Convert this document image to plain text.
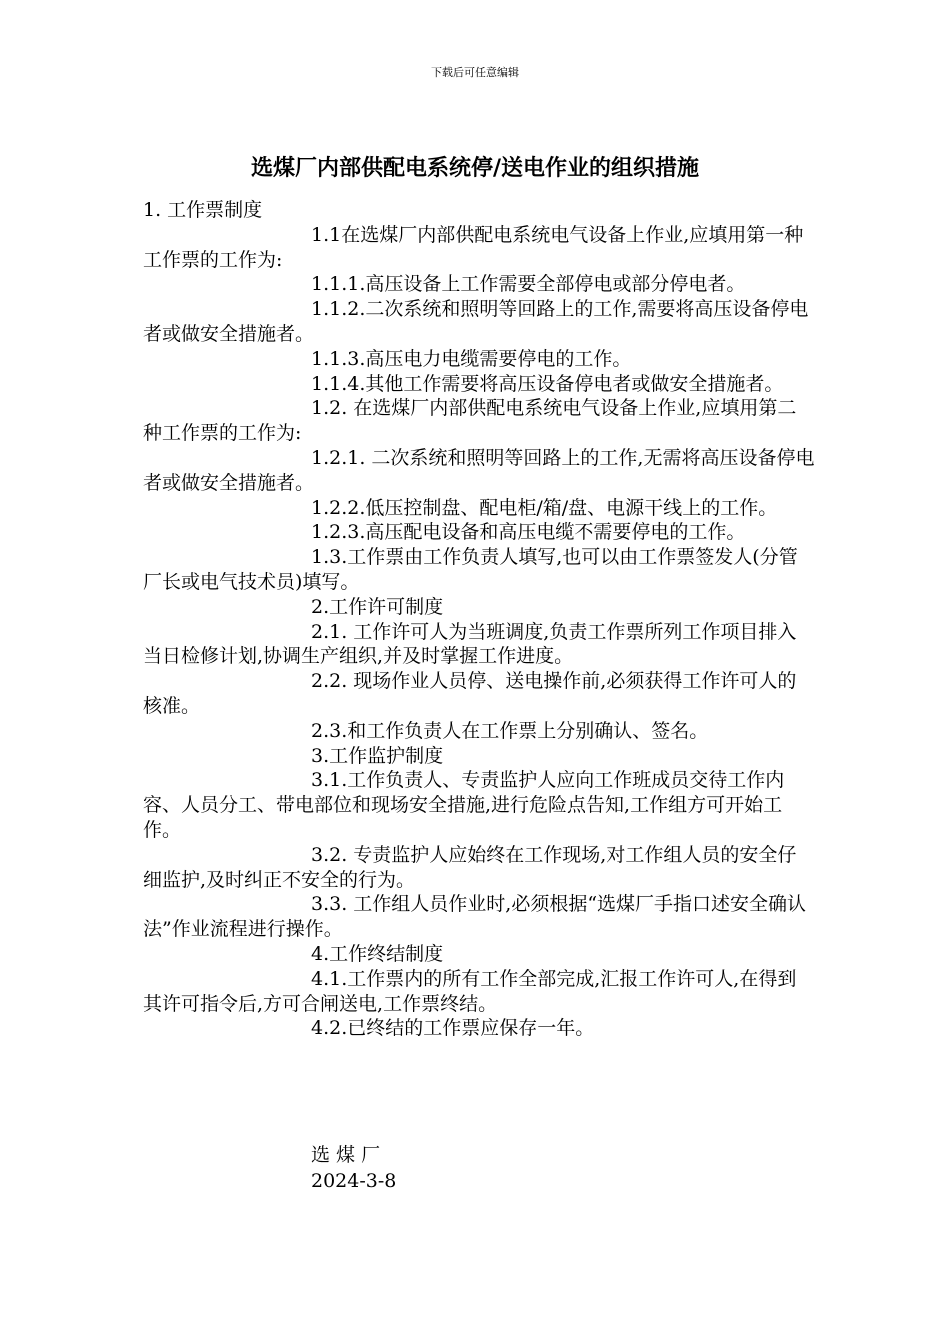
下载后可任意编辑
选煤厂内部供配电系统停/送电作业的组织措施

1. 工作票制度

1.1在选煤厂内部供配电系统电气设备上作业,应填用第一种工作票的工作为:

1.1.1.高压设备上工作需要全部停电或部分停电者。

1.1.2.二次系统和照明等回路上的工作,需要将高压设备停电者或做安全措施者。

1.1.3.高压电力电缆需要停电的工作。

1.1.4.其他工作需要将高压设备停电者或做安全措施者。

1.2. 在选煤厂内部供配电系统电气设备上作业,应填用第二种工作票的工作为:

1.2.1. 二次系统和照明等回路上的工作,无需将高压设备停电者或做安全措施者。

1.2.2.低压控制盘、配电柜/箱/盘、电源干线上的工作。

1.2.3.高压配电设备和高压电缆不需要停电的工作。

1.3.工作票由工作负责人填写,也可以由工作票签发人(分管厂长或电气技术员)填写。

2.工作许可制度

2.1. 工作许可人为当班调度,负责工作票所列工作项目排入当日检修计划,协调生产组织,并及时掌握工作进度。

2.2. 现场作业人员停、送电操作前,必须获得工作许可人的核准。

2.3.和工作负责人在工作票上分别确认、签名。

3.工作监护制度

3.1.工作负责人、专责监护人应向工作班成员交待工作内容、人员分工、带电部位和现场安全措施,进行危险点告知,工作组方可开始工作。

3.2. 专责监护人应始终在工作现场,对工作组人员的安全仔细监护,及时纠正不安全的行为。

3.3. 工作组人员作业时,必须根据“选煤厂手指口述安全确认法”作业流程进行操作。

4.工作终结制度

4.1.工作票内的所有工作全部完成,汇报工作许可人,在得到其许可指令后,方可合闸送电,工作票终结。

4.2.已终结的工作票应保存一年。

选 煤 厂
2024-3-8
